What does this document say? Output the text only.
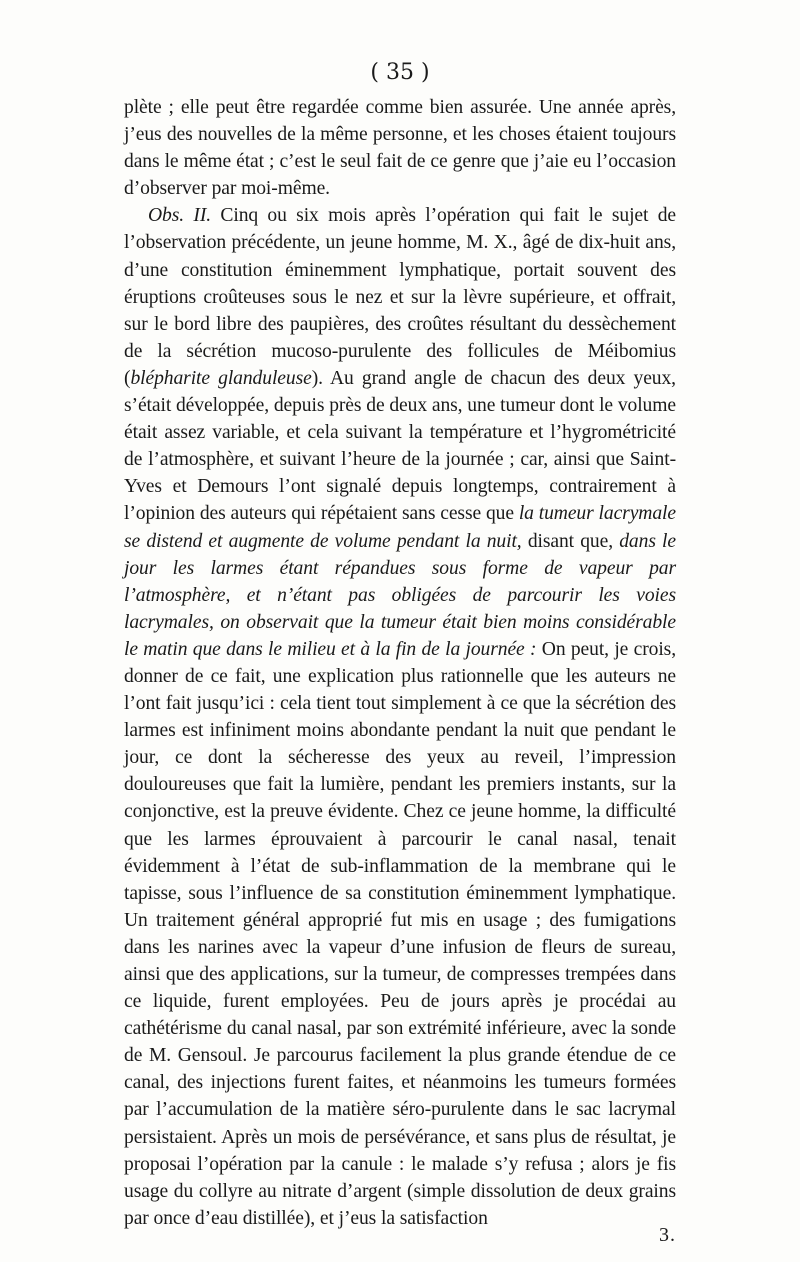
( 35 )

plète ; elle peut être regardée comme bien assurée. Une année après, j’eus des nouvelles de la même personne, et les choses étaient toujours dans le même état ; c’est le seul fait de ce genre que j’aie eu l’occasion d’observer par moi-même.

Obs. II. Cinq ou six mois après l’opération qui fait le sujet de l’observation précédente, un jeune homme, M. X., âgé de dix-huit ans, d’une constitution éminemment lymphatique, portait souvent des éruptions croûteuses sous le nez et sur la lèvre supérieure, et offrait, sur le bord libre des paupières, des croûtes résultant du dessèchement de la sécrétion mucoso-purulente des follicules de Méibomius (blépharite glanduleuse). Au grand angle de chacun des deux yeux, s’était développée, depuis près de deux ans, une tumeur dont le volume était assez variable, et cela suivant la température et l’hygrométricité de l’atmosphère, et suivant l’heure de la journée ; car, ainsi que Saint-Yves et Demours l’ont signalé depuis longtemps, contrairement à l’opinion des auteurs qui répétaient sans cesse que la tumeur lacrymale se distend et augmente de volume pendant la nuit, disant que, dans le jour les larmes étant répandues sous forme de vapeur par l’atmosphère, et n’étant pas obligées de parcourir les voies lacrymales, on observait que la tumeur était bien moins considérable le matin que dans le milieu et à la fin de la journée : On peut, je crois, donner de ce fait, une explication plus rationnelle que les auteurs ne l’ont fait jusqu’ici : cela tient tout simplement à ce que la sécrétion des larmes est infiniment moins abondante pendant la nuit que pendant le jour, ce dont la sécheresse des yeux au reveil, l’impression douloureuses que fait la lumière, pendant les premiers instants, sur la conjonctive, est la preuve évidente. Chez ce jeune homme, la difficulté que les larmes éprouvaient à parcourir le canal nasal, tenait évidemment à l’état de sub-inflammation de la membrane qui le tapisse, sous l’influence de sa constitution éminemment lymphatique. Un traitement général approprié fut mis en usage ; des fumigations dans les narines avec la vapeur d’une infusion de fleurs de sureau, ainsi que des applications, sur la tumeur, de compresses trempées dans ce liquide, furent employées. Peu de jours après je procédai au cathétérisme du canal nasal, par son extrémité inférieure, avec la sonde de M. Gensoul. Je parcourus facilement la plus grande étendue de ce canal, des injections furent faites, et néanmoins les tumeurs formées par l’accumulation de la matière séro-purulente dans le sac lacrymal persistaient. Après un mois de persévérance, et sans plus de résultat, je proposai l’opération par la canule : le malade s’y refusa ; alors je fis usage du collyre au nitrate d’argent (simple dissolution de deux grains par once d’eau distillée), et j’eus la satisfaction

3.
